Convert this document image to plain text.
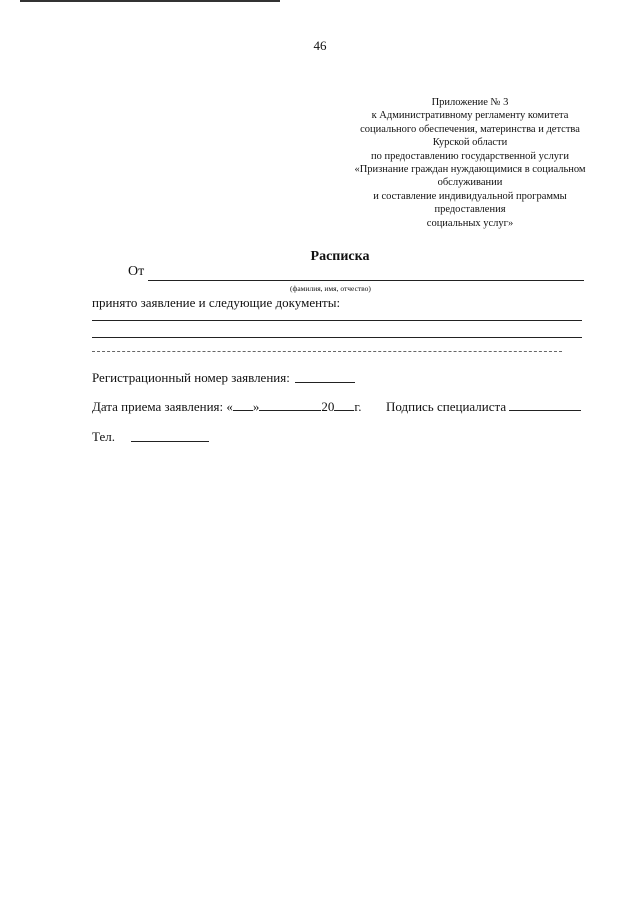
46
Приложение № 3
к Административному регламенту комитета
социального обеспечения, материнства и детства
Курской области
по предоставлению государственной услуги
«Признание граждан нуждающимися в социальном
обслуживании
и составление индивидуальной программы
предоставления
социальных услуг»
Расписка
От
(фамилия, имя, отчество)
принято заявление и следующие документы:
Регистрационный номер заявления:
Дата приема заявления: « »	20 г. Подпись специалиста
Тел.
